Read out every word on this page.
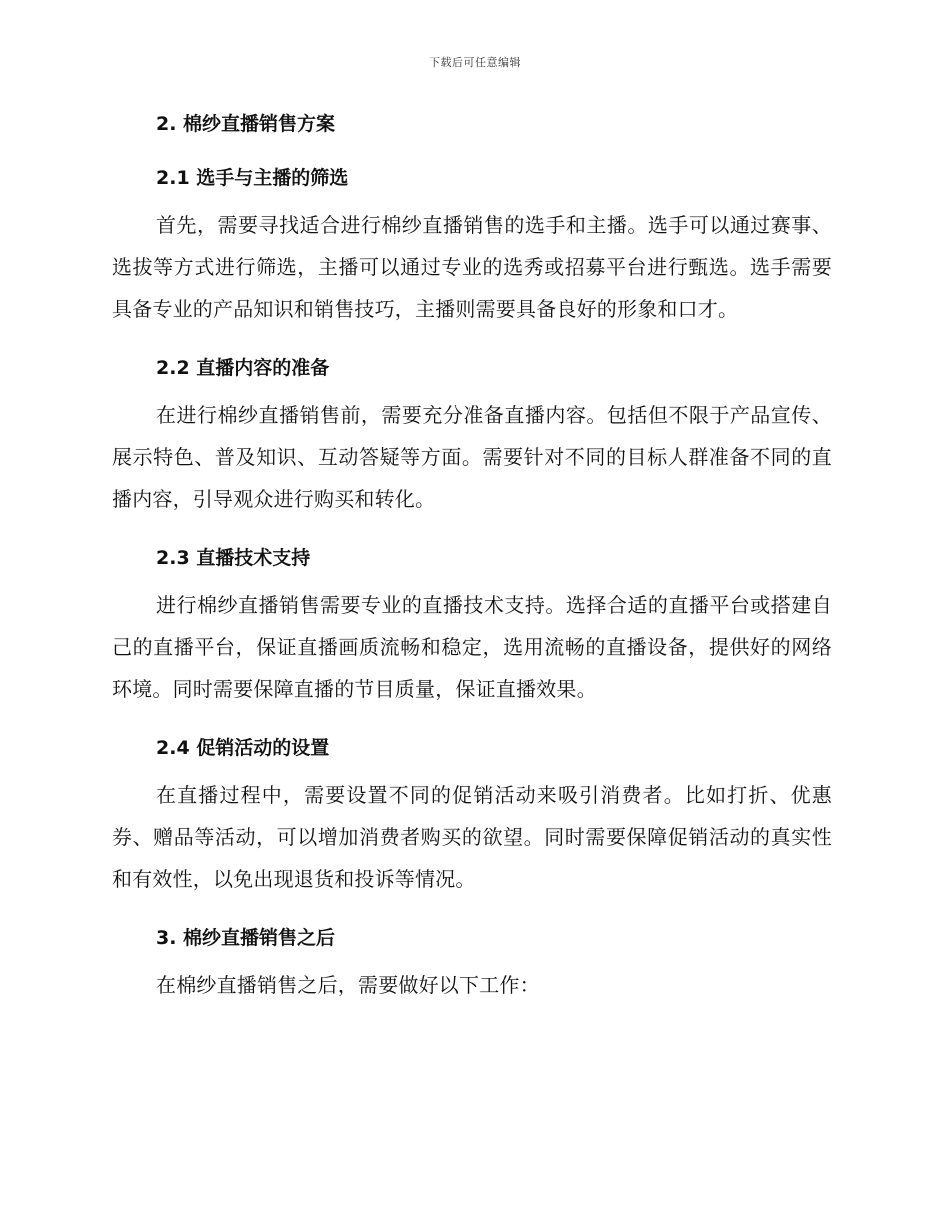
下载后可任意编辑

2. 棉纱直播销售方案

2.1 选手与主播的筛选

首先，需要寻找适合进行棉纱直播销售的选手和主播。选手可以通过赛事、选拔等方式进行筛选，主播可以通过专业的选秀或招募平台进行甄选。选手需要具备专业的产品知识和销售技巧，主播则需要具备良好的形象和口才。

2.2 直播内容的准备

在进行棉纱直播销售前，需要充分准备直播内容。包括但不限于产品宣传、展示特色、普及知识、互动答疑等方面。需要针对不同的目标人群准备不同的直播内容，引导观众进行购买和转化。

2.3 直播技术支持

进行棉纱直播销售需要专业的直播技术支持。选择合适的直播平台或搭建自己的直播平台，保证直播画质流畅和稳定，选用流畅的直播设备，提供好的网络环境。同时需要保障直播的节目质量，保证直播效果。

2.4 促销活动的设置

在直播过程中，需要设置不同的促销活动来吸引消费者。比如打折、优惠券、赠品等活动，可以增加消费者购买的欲望。同时需要保障促销活动的真实性和有效性，以免出现退货和投诉等情况。

3. 棉纱直播销售之后

在棉纱直播销售之后，需要做好以下工作：
